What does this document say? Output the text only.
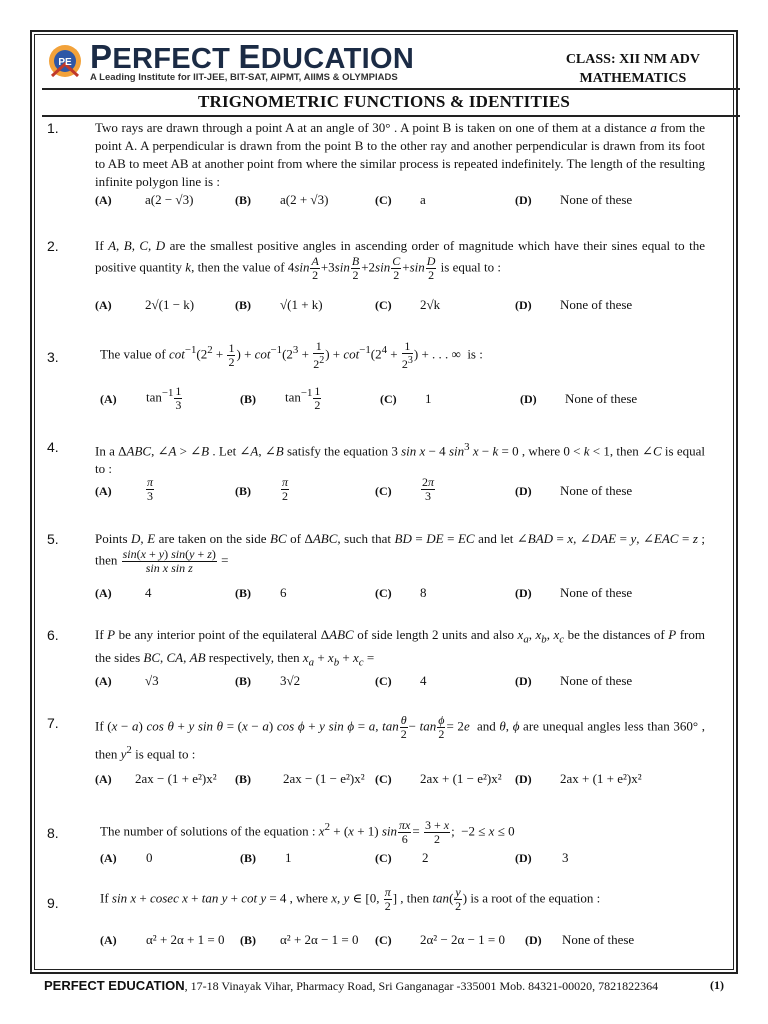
PE PERFECT EDUCATION
A Leading Institute for IIT-JEE, BIT-SAT, AIPMT, AIIMS & OLYMPIADS
CLASS: XII NM ADV
MATHEMATICS
TRIGNOMETRIC FUNCTIONS & IDENTITIES
1.	Two rays are drawn through a point A at an angle of 30° . A point B is taken on one of them at a distance a from the point A. A perpendicular is drawn from the point B to the other ray and another perpendicular is drawn from its foot to AB to meet AB at another point from where the similar process is repeated indefinitely. The length of the resulting infinite polygon line is :
(A)	a(2 − √3)	(B) a(2 + √3)	(C) a	(D) None of these
2.	If A, B, C, D are the smallest positive angles in ascending order of magnitude which have their sines equal to the positive quantity k, then the value of $4\sin \frac{A}{2} +3\sin \frac{B}{2} +2\sin \frac{C}{2} +\sin \frac{D}{2}$ is equal to :
(A)	2√(1 − k)	(B) √(1 + k)	(C) 2√k	(D) None of these
3.	The value of $\cot^{-1}(2^2 + \frac{1}{2}$ ) + $\cot^{-1}(2^3 + \frac{1}{2^2}$ ) + $\cot^{-1}(2^4 + \frac{1}{2^3}$ ) + . . . ∞  is :
(A) $\tan^{-1} \frac{1}{3}$	(B) $\tan^{-1} \frac{1}{2}$	(C) 1	(D) None of these
4.	In a ΔABC, ∠A > ∠B . Let ∠A, ∠B satisfy the equation 3 sin x − 4 $\sin^3 x - k = 0$ , where 0 < k < 1, then ∠C is equal to :
(A)	$\frac{\pi}{3}$	(B)	$\frac{\pi}{2}$	$(C) \frac{2\pi}{3}$	(D) None of these
5.	Points D, E are taken on the side BC of ΔABC, such that BD = DE = EC and let ∠BAD = x, ∠DAE = y, ∠EAC = z ; then $\frac{\sin(x + y) \sin(y + z)}{\text{sin x sin z}}$ =
(A)	4	(B) 6	(C) 8	(D) None of these
6.	If P be any interior point of the equilateral ΔABC of side length 2 units and also $x_a$, $x_b$, $x_c$ be the distances of P from the sides BC, CA, AB respectively, then $x_a + x_b + x_c$ =
(A)	√3	(B) 3√2	(C) 4	(D) None of these
7.	If (x − a) cos θ + y sin θ = (x − a) cos ϕ + y sin ϕ = a, $\tan \frac{\theta}{2} - \tan \frac{\phi}{2} = 2e$  and θ, ϕ are unequal angles less than 360° , then $y^2$ is equal to :
(A) 2ax − (1 + e²)x² (B) 2ax − (1 − e²)x² (C) 2ax + (1 − e²)x² (D) 2ax + (1 + e²)x²
8.	The number of solutions of the equation : $x^2 + (x + 1)$ $\sin \frac{\pi x}{6} = \frac{3 + x}{2}$ ;  −2 ≤ x ≤ 0
(A) 0	(B) 1	(C) 2	(D) 3
9.	If sin x + cosec x + tan y + cot y = 4 , where x, y ∈ [0, $\frac{\pi}{2}$ ] , then $\tan( \frac{y}{2}$ ) is a root of the equation :
(A) α² + 2α + 1 = 0 (B) α² + 2α − 1 = 0 (C) 2α² − 2α − 1 = 0 (D) None of these
PERFECT EDUCATION, 17-18 Vinayak Vihar, Pharmacy Road, Sri Ganganagar -335001 Mob. 84321-00020, 7821822364	(1)
